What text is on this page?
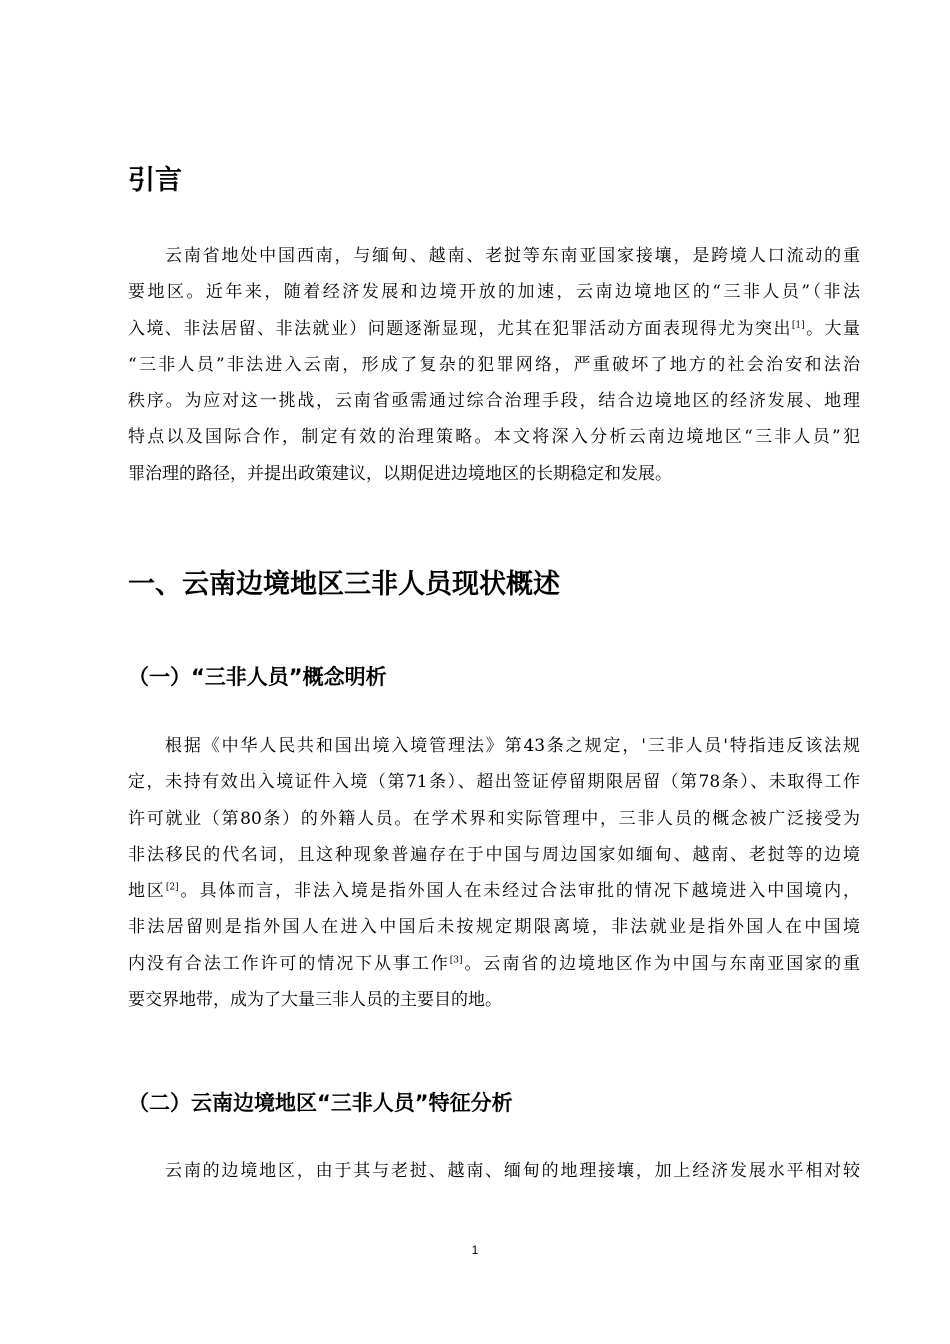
引言
云南省地处中国西南，与缅甸、越南、老挝等东南亚国家接壤，是跨境人口流动的重
要地区。近年来，随着经济发展和边境开放的加速，云南边境地区的“三非人员”（非法
入境、非法居留、非法就业）问题逐渐显现，尤其在犯罪活动方面表现得尤为突出[1]。大量
“三非人员”非法进入云南，形成了复杂的犯罪网络，严重破坏了地方的社会治安和法治
秩序。为应对这一挑战，云南省亟需通过综合治理手段，结合边境地区的经济发展、地理
特点以及国际合作，制定有效的治理策略。本文将深入分析云南边境地区“三非人员”犯
罪治理的路径，并提出政策建议，以期促进边境地区的长期稳定和发展。
一、云南边境地区三非人员现状概述
（一）“三非人员”概念明析
根据《中华人民共和国出境入境管理法》第43条之规定，'三非人员'特指违反该法规
定，未持有效出入境证件入境（第71条）、超出签证停留期限居留（第78条）、未取得工作
许可就业（第80条）的外籍人员。在学术界和实际管理中，三非人员的概念被广泛接受为
非法移民的代名词，且这种现象普遍存在于中国与周边国家如缅甸、越南、老挝等的边境
地区[2]。具体而言，非法入境是指外国人在未经过合法审批的情况下越境进入中国境内，
非法居留则是指外国人在进入中国后未按规定期限离境，非法就业是指外国人在中国境
内没有合法工作许可的情况下从事工作[3]。云南省的边境地区作为中国与东南亚国家的重
要交界地带，成为了大量三非人员的主要目的地。
（二）云南边境地区“三非人员”特征分析
云南的边境地区，由于其与老挝、越南、缅甸的地理接壤，加上经济发展水平相对较
1
